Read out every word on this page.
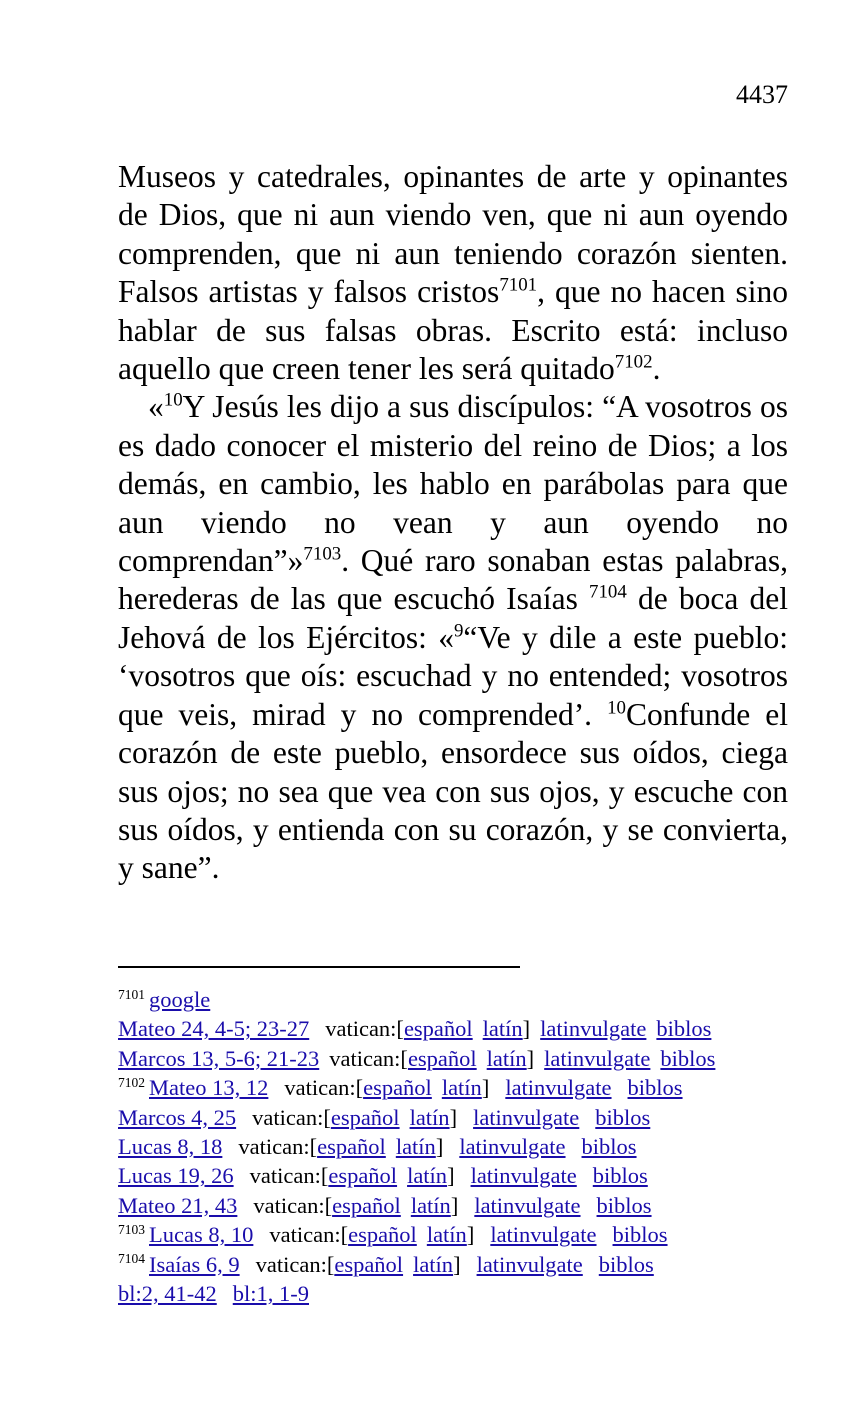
4437

Museos y catedrales, opinantes de arte y opinantes de Dios, que ni aun viendo ven, que ni aun oyendo comprenden, que ni aun teniendo corazón sienten. Falsos artistas y falsos cristos$^{7101}$, que no hacen sino hablar de sus falsas obras. Escrito está: incluso aquello que creen tener les será quitado$^{7102}$.

«$^{10}$Y Jesús les dijo a sus discípulos: “A vosotros os es dado conocer el misterio del reino de Dios; a los demás, en cambio, les hablo en parábolas para que aun viendo no vean y aun oyendo no comprendan”»$^{7103}$. Qué raro sonaban estas palabras, herederas de las que escuchó Isaías $^{7104}$ de boca del Jehová de los Ejércitos: «$^9$“Ve y dile a este pueblo: ‘vosotros que oís: escuchad y no entended; vosotros que veis, mirad y no comprended’. $^{10}$Confunde el corazón de este pueblo, ensordece sus oídos, ciega sus ojos; no sea que vea con sus ojos, y escuche con sus oídos, y entienda con su corazón, y se convierta, y sane”.

$^{7101}$ google
Mateo 24, 4-5; 23-27 vatican:[español latín] latinvulgate biblos
Marcos 13, 5-6; 21-23 vatican:[español latín] latinvulgate biblos
$^{7102}$ Mateo 13, 12 vatican:[español latín] latinvulgate biblos
Marcos 4, 25 vatican:[español latín] latinvulgate biblos
Lucas 8, 18 vatican:[español latín] latinvulgate biblos
Lucas 19, 26 vatican:[español latín] latinvulgate biblos
Mateo 21, 43 vatican:[español latín] latinvulgate biblos
$^{7103}$ Lucas 8, 10 vatican:[español latín] latinvulgate biblos
$^{7104}$ Isaías 6, 9 vatican:[español latín] latinvulgate biblos
bl:2, 41-42 bl:1, 1-9
